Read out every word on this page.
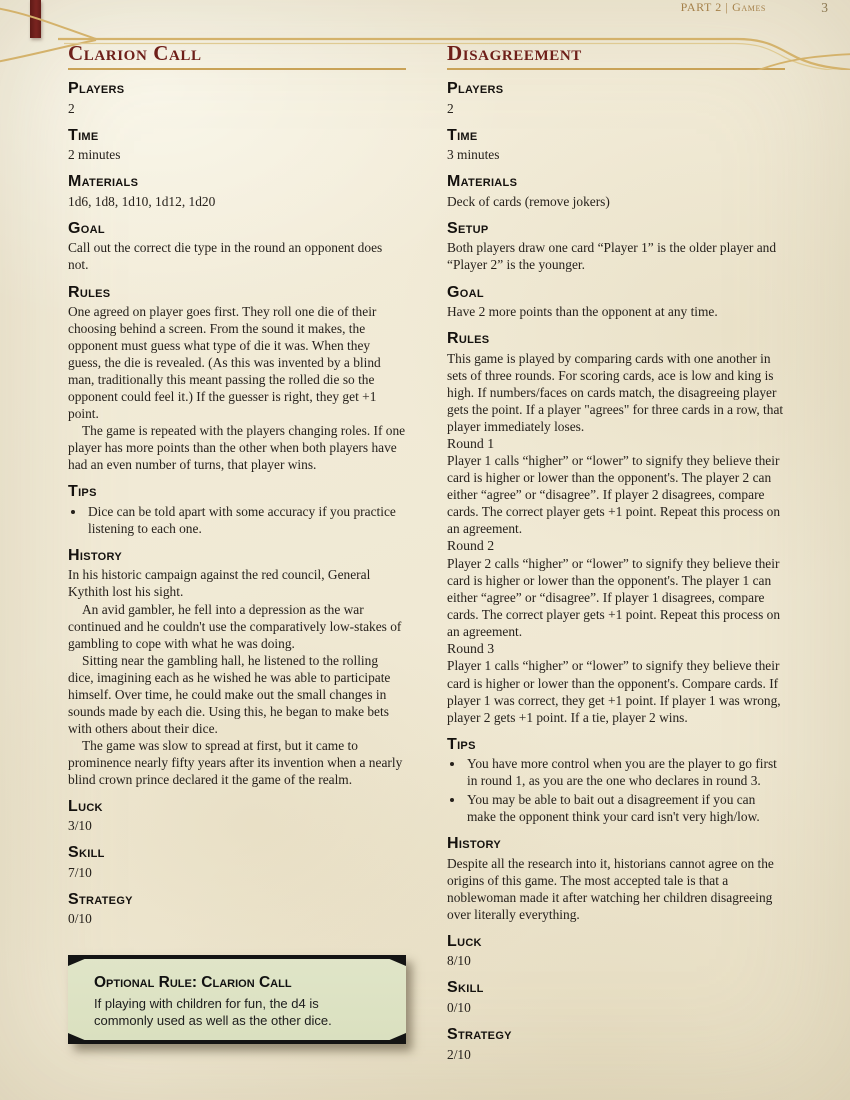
Clarion Call
Players
2
Time
2 minutes
Materials
1d6, 1d8, 1d10, 1d12, 1d20
Goal
Call out the correct die type in the round an opponent does not.
Rules

One agreed on player goes first. They roll one die of their choosing behind a screen. From the sound it makes, the opponent must guess what type of die it was. When they guess, the die is revealed. (As this was invented by a blind man, traditionally this meant passing the rolled die so the opponent could feel it.) If the guesser is right, they get +1 point.

The game is repeated with the players changing roles. If one player has more points than the other when both players have had an even number of turns, that player wins.

Tips
• Dice can be told apart with some accuracy if you practice listening to each one.
History

In his historic campaign against the red council, General Kythith lost his sight.

An avid gambler, he fell into a depression as the war continued and he couldn't use the comparatively low-stakes of gambling to cope with what he was doing.

Sitting near the gambling hall, he listened to the rolling dice, imagining each as he wished he was able to participate himself. Over time, he could make out the small changes in sounds made by each die. Using this, he began to make bets with others about their dice.

The game was slow to spread at first, but it came to prominence nearly fifty years after its invention when a nearly blind crown prince declared it the game of the realm.

Luck
3/10
Skill
7/10
Strategy
0/10
Optional Rule: Clarion Call
If playing with children for fun, the d4 is commonly used as well as the other dice.
Disagreement
Players
2
Time
3 minutes
Materials
Deck of cards (remove jokers)
Setup
Both players draw one card “Player 1” is the older player and “Player 2” is the younger.
Goal
Have 2 more points than the opponent at any time.
Rules

This game is played by comparing cards with one another in sets of three rounds. For scoring cards, ace is low and king is high. If numbers/faces on cards match, the disagreeing player gets the point. If a player "agrees" for three cards in a row, that player immediately loses.

Round 1

Player 1 calls “higher” or “lower” to signify they believe their card is higher or lower than the opponent's. The player 2 can either “agree” or “disagree”. If player 2 disagrees, compare cards. The correct player gets +1 point. Repeat this process on an agreement.

Round 2

Player 2 calls “higher” or “lower” to signify they believe their card is higher or lower than the opponent's. The player 1 can either “agree” or “disagree”. If player 1 disagrees, compare cards. The correct player gets +1 point. Repeat this process on an agreement.

Round 3

Player 1 calls “higher” or “lower” to signify they believe their card is higher or lower than the opponent's. Compare cards. If player 1 was correct, they get +1 point. If player 1 was wrong, player 2 gets +1 point. If a tie, player 2 wins.

Tips
• You have more control when you are the player to go first in round 1, as you are the one who declares in round 3.
• You may be able to bait out a disagreement if you can make the opponent think your card isn't very high/low.
History

Despite all the research into it, historians cannot agree on the origins of this game. The most accepted tale is that a noblewoman made it after watching her children disagreeing over literally everything.

Luck
8/10
Skill
0/10
Strategy
2/10
PART 2 | Games	3
